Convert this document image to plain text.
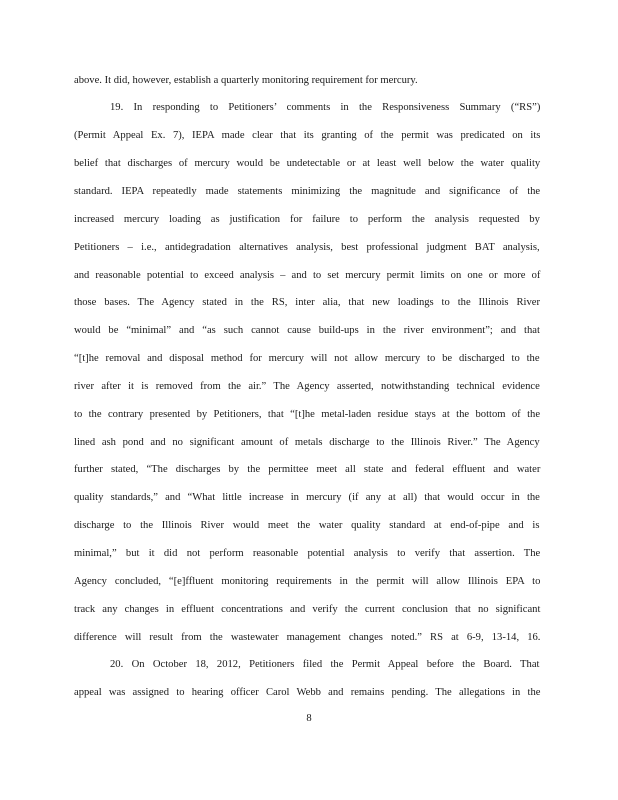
above. It did, however, establish a quarterly monitoring requirement for mercury.
19. In responding to Petitioners’ comments in the Responsiveness Summary (“RS”)
(Permit Appeal Ex. 7), IEPA made clear that its granting of the permit was predicated on its
belief that discharges of mercury would be undetectable or at least well below the water quality
standard. IEPA repeatedly made statements minimizing the magnitude and significance of the
increased mercury loading as justification for failure to perform the analysis requested by
Petitioners – i.e., antidegradation alternatives analysis, best professional judgment BAT analysis,
and reasonable potential to exceed analysis – and to set mercury permit limits on one or more of
those bases. The Agency stated in the RS, inter alia, that new loadings to the Illinois River
would be “minimal” and “as such cannot cause build-ups in the river environment”; and that
“[t]he removal and disposal method for mercury will not allow mercury to be discharged to the
river after it is removed from the air.” The Agency asserted, notwithstanding technical evidence
to the contrary presented by Petitioners, that “[t]he metal-laden residue stays at the bottom of the
lined ash pond and no significant amount of metals discharge to the Illinois River.” The Agency
further stated, “The discharges by the permittee meet all state and federal effluent and water
quality standards,” and “What little increase in mercury (if any at all) that would occur in the
discharge to the Illinois River would meet the water quality standard at end-of-pipe and is
minimal,” but it did not perform reasonable potential analysis to verify that assertion. The
Agency concluded, “[e]ffluent monitoring requirements in the permit will allow Illinois EPA to
track any changes in effluent concentrations and verify the current conclusion that no significant
difference will result from the wastewater management changes noted.” RS at 6-9, 13-14, 16.
20. On October 18, 2012, Petitioners filed the Permit Appeal before the Board. That
appeal was assigned to hearing officer Carol Webb and remains pending. The allegations in the
8
